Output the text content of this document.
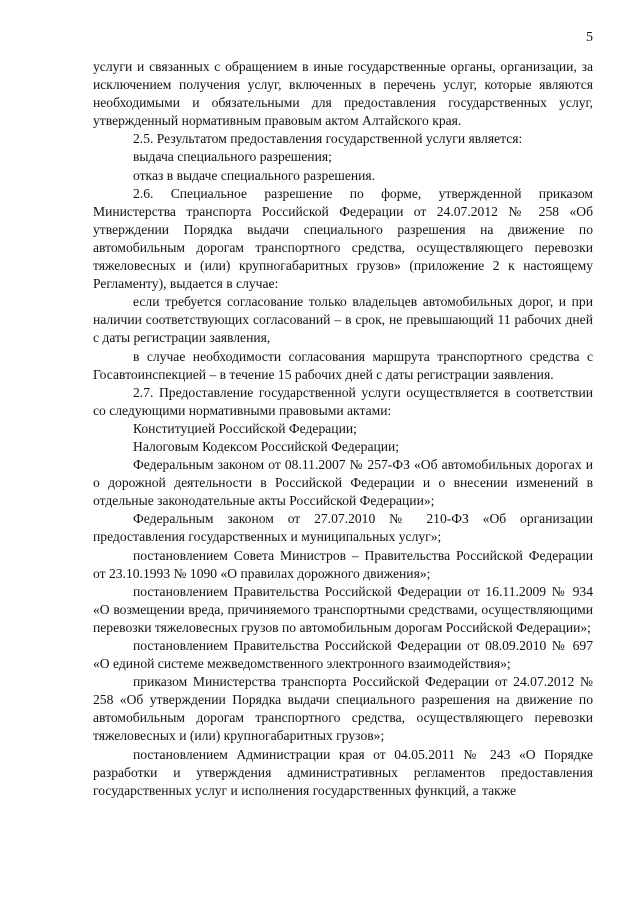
5

услуги и связанных с обращением в иные государственные органы, организации, за исключением получения услуг, включенных в перечень услуг, которые являются необходимыми и обязательными для предоставления государственных услуг, утвержденный нормативным правовым актом Алтайского края.

2.5. Результатом предоставления государственной услуги является:

выдача специального разрешения;

отказ в выдаче специального разрешения.

2.6. Специальное разрешение по форме, утвержденной приказом Министерства транспорта Российской Федерации от 24.07.2012 № 258 «Об утверждении Порядка выдачи специального разрешения на движение по автомобильным дорогам транспортного средства, осуществляющего перевозки тяжеловесных и (или) крупногабаритных грузов» (приложение 2 к настоящему Регламенту), выдается в случае:

если требуется согласование только владельцев автомобильных дорог, и при наличии соответствующих согласований – в срок, не превышающий 11 рабочих дней с даты регистрации заявления,

в случае необходимости согласования маршрута транспортного средства с Госавтоинспекцией – в течение 15 рабочих дней с даты регистрации заявления.

2.7. Предоставление государственной услуги осуществляется в соответствии со следующими нормативными правовыми актами:

Конституцией Российской Федерации;

Налоговым Кодексом Российской Федерации;

Федеральным законом от 08.11.2007 № 257-ФЗ «Об автомобильных дорогах и о дорожной деятельности в Российской Федерации и о внесении изменений в отдельные законодательные акты Российской Федерации»;

Федеральным законом от 27.07.2010 № 210-ФЗ «Об организации предоставления государственных и муниципальных услуг»;

постановлением Совета Министров – Правительства Российской Федерации от 23.10.1993 № 1090 «О правилах дорожного движения»;

постановлением Правительства Российской Федерации от 16.11.2009 № 934 «О возмещении вреда, причиняемого транспортными средствами, осуществляющими перевозки тяжеловесных грузов по автомобильным дорогам Российской Федерации»;

постановлением Правительства Российской Федерации от 08.09.2010 № 697 «О единой системе межведомственного электронного взаимодействия»;

приказом Министерства транспорта Российской Федерации от 24.07.2012 № 258 «Об утверждении Порядка выдачи специального разрешения на движение по автомобильным дорогам транспортного средства, осуществляющего перевозки тяжеловесных и (или) крупногабаритных грузов»;

постановлением Администрации края от 04.05.2011 № 243 «О Порядке разработки и утверждения административных регламентов предоставления государственных услуг и исполнения государственных функций, а также
